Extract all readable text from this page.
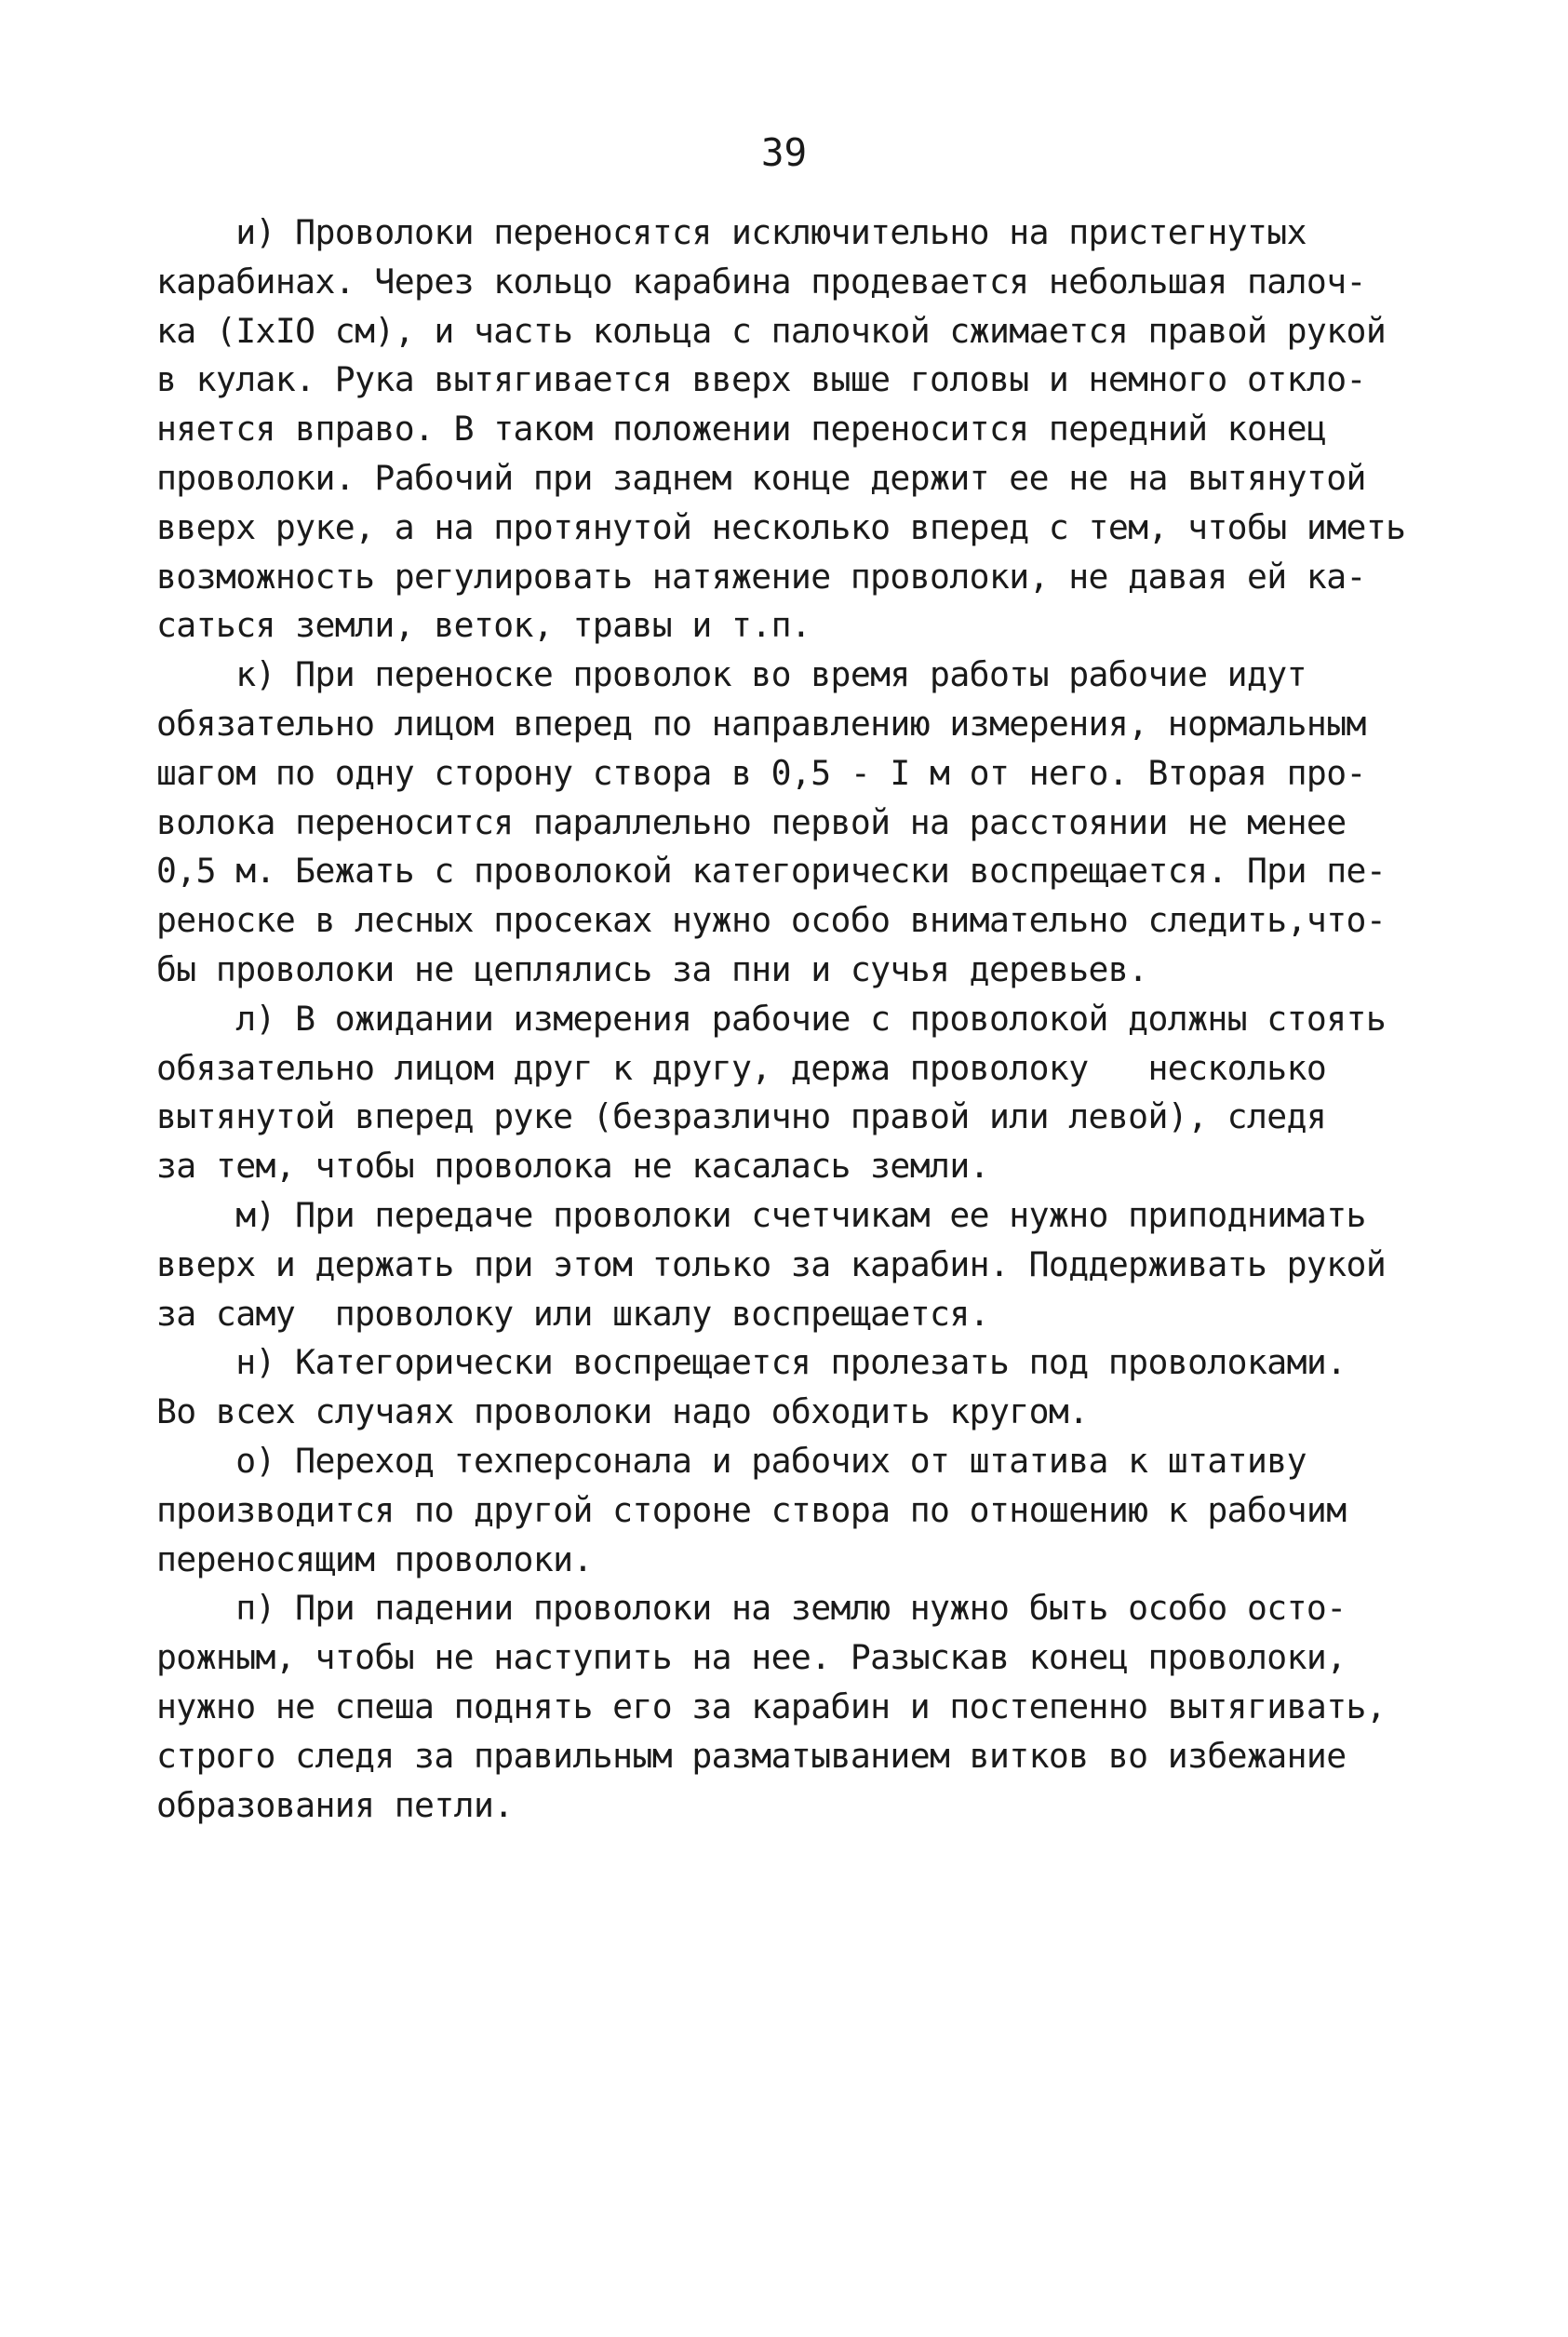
39
и) Проволоки переносятся исключительно на пристегнутых
карабинах. Через кольцо карабина продевается небольшая палоч-
ка (IxIO см), и часть кольца с палочкой сжимается правой рукой
в кулак. Рука вытягивается вверх выше головы и немного откло-
няется вправо. В таком положении переносится передний конец
проволоки. Рабочий при заднем конце держит ее не на вытянутой
вверх руке, а на протянутой несколько вперед с тем, чтобы иметь
возможность регулировать натяжение проволоки, не давая ей ка-
саться земли, веток, травы и т.п.
к) При переноске проволок во время работы рабочие идут
обязательно лицом вперед по направлению измерения, нормальным
шагом по одну сторону створа в 0,5 - I м от него. Вторая про-
волока переносится параллельно первой на расстоянии не менее
0,5 м. Бежать с проволокой категорически воспрещается. При пе-
реноске в лесных просеках нужно особо внимательно следить,что-
бы проволоки не цеплялись за пни и сучья деревьев.
л) В ожидании измерения рабочие с проволокой должны стоять
обязательно лицом друг к другу, держа проволоку   несколько
вытянутой вперед руке (безразлично правой или левой), следя
за тем, чтобы проволока не касалась земли.
м) При передаче проволоки счетчикам ее нужно приподнимать
вверх и держать при этом только за карабин. Поддерживать рукой
за саму  проволоку или шкалу воспрещается.
н) Категорически воспрещается пролезать под проволоками.
Во всех случаях проволоки надо обходить кругом.
о) Переход техперсонала и рабочих от штатива к штативу
производится по другой стороне створа по отношению к рабочим
переносящим проволоки.
п) При падении проволоки на землю нужно быть особо осто-
рожным, чтобы не наступить на нее. Разыскав конец проволоки,
нужно не спеша поднять его за карабин и постепенно вытягивать,
строго следя за правильным разматыванием витков во избежание
образования петли.
